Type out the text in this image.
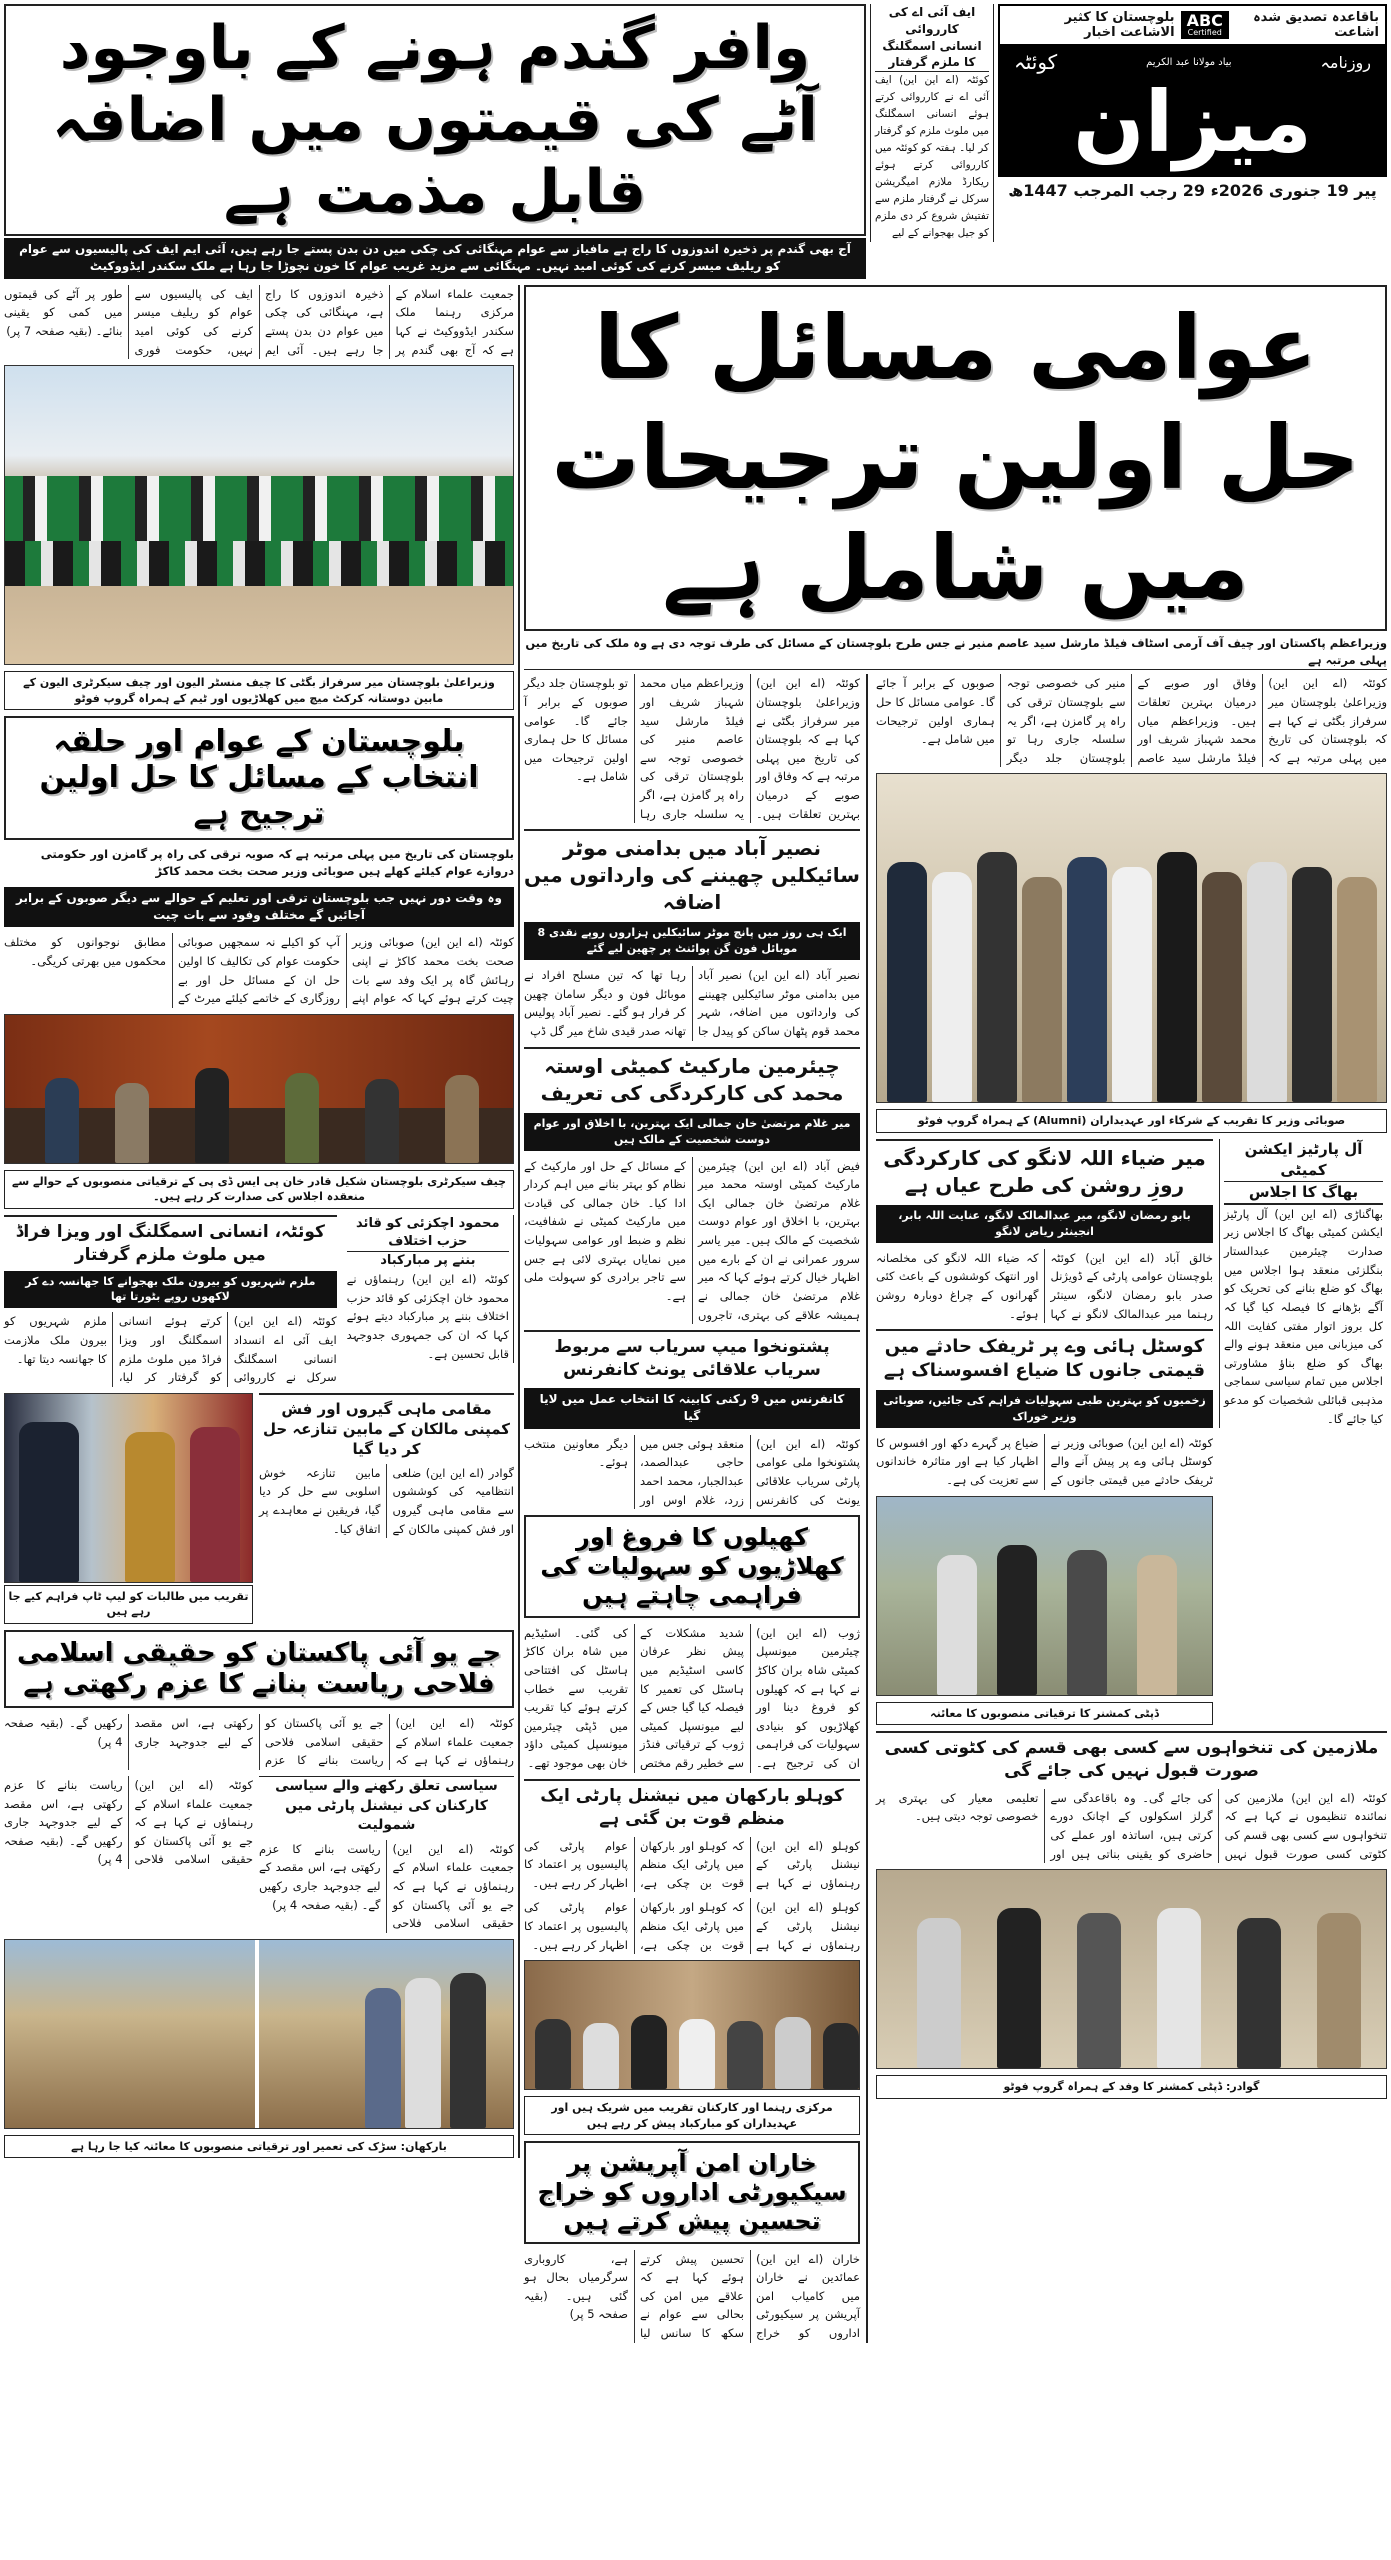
وافر گندم ہونے کے باوجود آٹے کی قیمتوں میں اضافہ قابل مذمت ہے
آج بھی گندم پر ذخیرہ اندوزوں کا راج ہے مافیاز سے عوام مہنگائی کی چکی میں دن بدن پستے جا رہے ہیں، آئی ایم ایف کی پالیسیوں سے عوام کو ریلیف میسر کرنے کی کوئی امید نہیں۔ مہنگائی سے مزید غریب عوام کا خون نچوڑا جا رہا ہے ملک سکندر ایڈووکیٹ
ایف آئی اے کی کارروائی
انسانی اسمگلنگ کا ملزم گرفتار
کوئٹہ (اے این این) ایف آئی اے نے کارروائی کرتے ہوئے انسانی اسمگلنگ میں ملوث ملزم کو گرفتار کر لیا۔ ہفتہ کو کوئٹہ میں کارروائی کرتے ہوئے ریکارڈ ملازم امیگریشن سرکل نے گرفتار ملزم سے تفتیش شروع کر دی ملزم کو جیل بھجوانے کے لیے
باقاعدہ تصدیق شدہ اشاعت
ABC
Certified
بلوچستان کا کثیر الاشاعت اخبار
روزنامہ
بیاد مولانا عبد الکریم
کوئٹہ
میزان
پیر 19 جنوری 2026ء 29 رجب المرجب 1447ھ
جمعیت علماء اسلام کے مرکزی رہنما ملک سکندر ایڈووکیٹ نے کہا ہے کہ آج بھی گندم پر ذخیرہ اندوزوں کا راج ہے، مہنگائی کی چکی میں عوام دن بدن پستے جا رہے ہیں۔ آئی ایم ایف کی پالیسیوں سے عوام کو ریلیف میسر کرنے کی کوئی امید نہیں، حکومت فوری طور پر آٹے کی قیمتوں میں کمی کو یقینی بنائے۔ (بقیہ صفحہ 7 پر)
وزیراعلیٰ بلوچستان میر سرفراز بگٹی کا چیف منسٹر الیون اور چیف سیکرٹری الیون کے مابین دوستانہ کرکٹ میچ میں کھلاڑیوں اور ٹیم کے ہمراہ گروپ فوٹو
بلوچستان کے عوام اور حلقہ انتخاب کے مسائل کا حل اولین ترجیح ہے
بلوچستان کی تاریخ میں پہلی مرتبہ ہے کہ صوبہ ترقی کی راہ پر گامزن اور حکومتی دروازے عوام کیلئے کھلے ہیں صوبائی وزیر صحت بخت محمد کاکڑ
وہ وقت دور نہیں جب بلوچستان ترقی اور تعلیم کے حوالے سے دیگر صوبوں کے برابر آجائیں گے مختلف وفود سے بات چیت
کوئٹہ (اے این این) صوبائی وزیر صحت بخت محمد کاکڑ نے اپنی رہائش گاہ پر ایک وفد سے بات چیت کرتے ہوئے کہا کہ عوام اپنے آپ کو اکیلے نہ سمجھیں صوبائی حکومت عوام کی تکالیف کا اولین حل ان کے مسائل حل اور بے روزگاری کے خاتمے کیلئے میرٹ کے مطابق نوجوانوں کو مختلف محکموں میں بھرتی کریگی۔
چیف سیکرٹری بلوچستان شکیل قادر خان پی ایس ڈی پی کے ترقیاتی منصوبوں کے حوالے سے منعقدہ اجلاس کی صدارت کر رہے ہیں۔
کوئٹہ، انسانی اسمگلنگ اور ویزا فراڈ میں ملوث ملزم گرفتار
ملزم شہریوں کو بیرون ملک بھجوانے کا جھانسہ دے کر لاکھوں روپے بٹورتا تھا
کوئٹہ (اے این این) ایف آئی اے انسداد انسانی اسمگلنگ سرکل نے کارروائی کرتے ہوئے انسانی اسمگلنگ اور ویزا فراڈ میں ملوث ملزم کو گرفتار کر لیا، ملزم شہریوں کو بیرون ملک ملازمت کا جھانسہ دیتا تھا۔
محمود اچکزئی کو قائد حزب اختلاف
بننے پر مبارکباد
کوئٹہ (اے این این) رہنماؤں نے محمود خان اچکزئی کو قائد حزب اختلاف بننے پر مبارکباد دیتے ہوئے کہا کہ ان کی جمہوری جدوجہد قابل تحسین ہے۔
تقریب میں طالبات کو لیپ ٹاپ فراہم کیے جا رہے ہیں
مقامی ماہی گیروں اور فش کمپنی مالکان کے مابین تنازعہ حل کر دیا گیا
گوادر (اے این این) ضلعی انتظامیہ کی کوششوں سے مقامی ماہی گیروں اور فش کمپنی مالکان کے مابین تنازعہ خوش اسلوبی سے حل کر دیا گیا، فریقین نے معاہدے پر اتفاق کیا۔
جے یو آئی پاکستان کو حقیقی اسلامی فلاحی ریاست بنانے کا عزم رکھتی ہے
کوئٹہ (اے این این) جمعیت علماء اسلام کے رہنماؤں نے کہا ہے کہ جے یو آئی پاکستان کو حقیقی اسلامی فلاحی ریاست بنانے کا عزم رکھتی ہے، اس مقصد کے لیے جدوجہد جاری رکھیں گے۔ (بقیہ صفحہ 4 پر)
کوئٹہ (اے این این) جمعیت علماء اسلام کے رہنماؤں نے کہا ہے کہ جے یو آئی پاکستان کو حقیقی اسلامی فلاحی ریاست بنانے کا عزم رکھتی ہے، اس مقصد کے لیے جدوجہد جاری رکھیں گے۔ (بقیہ صفحہ 4 پر)
سیاسی تعلق رکھنے والے سیاسی کارکنان کی نیشنل پارٹی میں شمولیت
کوئٹہ (اے این این) جمعیت علماء اسلام کے رہنماؤں نے کہا ہے کہ جے یو آئی پاکستان کو حقیقی اسلامی فلاحی ریاست بنانے کا عزم رکھتی ہے، اس مقصد کے لیے جدوجہد جاری رکھیں گے۔ (بقیہ صفحہ 4 پر)
بارکھان: سڑک کی تعمیر اور ترقیاتی منصوبوں کا معائنہ کیا جا رہا ہے
عوامی مسائل کا حل اولین ترجیحات میں شامل ہے
وزیراعظم پاکستان اور چیف آف آرمی اسٹاف فیلڈ مارشل سید عاصم منیر نے جس طرح بلوچستان کے مسائل کی طرف توجہ دی ہے وہ ملک کی تاریخ میں پہلی مرتبہ ہے
کوئٹہ (اے این این) وزیراعلیٰ بلوچستان میر سرفراز بگٹی نے کہا ہے کہ بلوچستان کی تاریخ میں پہلی مرتبہ ہے کہ وفاق اور صوبے کے درمیان بہترین تعلقات ہیں۔ وزیراعظم میاں محمد شہباز شریف اور فیلڈ مارشل سید عاصم منیر کی خصوصی توجہ سے بلوچستان ترقی کی راہ پر گامزن ہے، اگر یہ سلسلہ جاری رہا تو بلوچستان جلد دیگر صوبوں کے برابر آ جائے گا۔ عوامی مسائل کا حل ہماری اولین ترجیحات میں شامل ہے۔
نصیر آباد میں بدامنی موٹر سائیکلیں چھیننے کی وارداتوں میں اضافہ
ایک ہی روز میں پانچ موٹر سائیکلیں ہزاروں روپے نقدی 8 موبائل فون گن پوائنٹ پر چھین لیے گئے
نصیر آباد (اے این این) نصیر آباد میں بدامنی موٹر سائیکلیں چھیننے کی وارداتوں میں اضافہ، شہر محمد قوم پٹھان ساکن کو پیدل جا رہا تھا کہ تین مسلح افراد نے موبائل فون و دیگر سامان چھین کر فرار ہو گئے۔ نصیر آباد پولیس تھانہ صدر قیدی شاخ میر گل ڈپ
چیئرمین مارکیٹ کمیٹی اوستہ محمد کی کارکردگی کی تعریف
میر غلام مرتضیٰ خان جمالی ایک بہترین، با اخلاق اور عوام دوست شخصیت کے مالک ہیں
فیض آباد (اے این این) چیئرمین مارکیٹ کمیٹی اوستہ محمد میر غلام مرتضیٰ خان جمالی ایک بہترین، با اخلاق اور عوام دوست شخصیت کے مالک ہیں۔ میر یاسر سرور عمرانی نے ان کے بارے میں اظہار خیال کرتے ہوئے کہا کہ میر غلام مرتضیٰ خان جمالی نے ہمیشہ علاقے کی بہتری، تاجروں کے مسائل کے حل اور مارکیٹ کے نظام کو بہتر بنانے میں اہم کردار ادا کیا۔ خان جمالی کی قیادت میں مارکیٹ کمیٹی نے شفافیت، نظم و ضبط اور عوامی سہولیات میں نمایاں بہتری لائی ہے جس سے تاجر برادری کو سہولت ملی ہے۔
پشتونخوا میپ سریاب سے مربوط سریاب علاقائی یونٹ کانفرنس
کانفرنس میں 9 رکنی کابینہ کا انتخاب عمل میں لایا گیا
کوئٹہ (اے این این) پشتونخوا ملی عوامی پارٹی سریاب علاقائی یونٹ کی کانفرنس منعقد ہوئی جس میں حاجی عبدالصمد، عبدالجبار، محمد احمد زرد، غلام اوس اور دیگر معاونین منتخب ہوئے۔
کھیلوں کا فروغ اور کھلاڑیوں کو سہولیات کی فراہمی چاہتے ہیں
ژوب (اے این این) چیئرمین میونسپل کمیٹی شاہ بران کاکڑ نے کہا ہے کہ کھیلوں کو فروغ دینا اور کھلاڑیوں کو بنیادی سہولیات کی فراہمی ان کی ترجیح ہے۔ شدید مشکلات کے پیش نظر عرفان کاسی اسٹیڈیم میں ہاسٹل کی تعمیر کا فیصلہ کیا گیا جس کے لیے میونسپل کمیٹی ژوب کے ترقیاتی فنڈز سے خطیر رقم مختص کی گئی۔ اسٹیڈیم میں شاہ بران کاکڑ ہاسٹل کی افتتاحی تقریب سے خطاب کرتے ہوئے کیا تقریب میں ڈپٹی چیئرمین میونسپل کمیٹی داؤد خان بھی موجود تھے۔
کوہلو بارکھان میں نیشنل پارٹی ایک منظم قوت بن گئی ہے
کوہلو (اے این این) نیشنل پارٹی کے رہنماؤں نے کہا ہے کہ کوہلو اور بارکھان میں پارٹی ایک منظم قوت بن چکی ہے، عوام پارٹی کی پالیسیوں پر اعتماد کا اظہار کر رہے ہیں۔
کوہلو (اے این این) نیشنل پارٹی کے رہنماؤں نے کہا ہے کہ کوہلو اور بارکھان میں پارٹی ایک منظم قوت بن چکی ہے، عوام پارٹی کی پالیسیوں پر اعتماد کا اظہار کر رہے ہیں۔
مرکزی رہنما اور کارکنان تقریب میں شریک ہیں اور عہدیداران کو مبارکباد پیش کر رہے ہیں
خاران امن آپریشن پر سیکیورٹی اداروں کو خراج تحسین پیش کرتے ہیں
خاران (اے این این) عمائدین نے خاران میں کامیاب امن آپریشن پر سیکیورٹی اداروں کو خراج تحسین پیش کرتے ہوئے کہا ہے کہ علاقے میں امن کی بحالی سے عوام نے سکھ کا سانس لیا ہے، کاروباری سرگرمیاں بحال ہو گئی ہیں۔ (بقیہ صفحہ 5 پر)
کوئٹہ (اے این این) وزیراعلیٰ بلوچستان میر سرفراز بگٹی نے کہا ہے کہ بلوچستان کی تاریخ میں پہلی مرتبہ ہے کہ وفاق اور صوبے کے درمیان بہترین تعلقات ہیں۔ وزیراعظم میاں محمد شہباز شریف اور فیلڈ مارشل سید عاصم منیر کی خصوصی توجہ سے بلوچستان ترقی کی راہ پر گامزن ہے، اگر یہ سلسلہ جاری رہا تو بلوچستان جلد دیگر صوبوں کے برابر آ جائے گا۔ عوامی مسائل کا حل ہماری اولین ترجیحات میں شامل ہے۔
صوبائی وزیر کا تقریب کے شرکاء اور عہدیداران (Alumni) کے ہمراہ گروپ فوٹو
میر ضیاء اللہ لانگو کی کارکردگی روزِ روشن کی طرح عیاں ہے
بابو رمضان لانگو، میر عبدالمالک لانگو، عنایت اللہ بابر، انجینئر ریاض لانگو
خالق آباد (اے این این) کوئٹہ بلوچستان عوامی پارٹی کے ڈویژنل صدر بابو رمضان لانگو، سینئر رہنما میر عبدالمالک لانگو نے کہا کہ ضیاء اللہ لانگو کی مخلصانہ اور انتھک کوششوں کے باعث کئی گھرانوں کے چراغ دوبارہ روشن ہوئے۔
کوسٹل ہائی وے پر ٹریفک حادثے میں قیمتی جانوں کا ضیاع افسوسناک ہے
زخمیوں کو بہترین طبی سہولیات فراہم کی جائیں، صوبائی وزیر خوراک
کوئٹہ (اے این این) صوبائی وزیر نے کوسٹل ہائی وے پر پیش آنے والے ٹریفک حادثے میں قیمتی جانوں کے ضیاع پر گہرے دکھ اور افسوس کا اظہار کیا ہے اور متاثرہ خاندانوں سے تعزیت کی ہے۔
ڈپٹی کمشنر کا ترقیاتی منصوبوں کا معائنہ
آل پارٹیز ایکشن کمیٹی
بھاگ کا اجلاس
بھاگناڑی (اے این این) آل پارٹیز ایکشن کمیٹی بھاگ کا اجلاس زیر صدارت چیئرمین عبدالستار بنگلزئی منعقد ہوا اجلاس میں بھاگ کو ضلع بنانے کی تحریک کو آگے بڑھانے کا فیصلہ کیا گیا کہ کل بروز اتوار مفتی کفایت اللہ کی میزبانی میں منعقد ہونے والے بھاگ کو ضلع بناؤ مشاورتی اجلاس میں تمام سیاسی سماجی مذہبی قبائلی شخصیات کو مدعو کیا جائے گا۔
ملازمین کی تنخواہوں سے کسی بھی قسم کی کٹوتی کسی صورت قبول نہیں کی جائے گی
کوئٹہ (اے این این) ملازمین کی نمائندہ تنظیموں نے کہا ہے کہ تنخواہوں سے کسی بھی قسم کی کٹوتی کسی صورت قبول نہیں کی جائے گی۔ وہ باقاعدگی سے گرلز اسکولوں کے اچانک دورے کرتی ہیں، اساتذہ اور عملے کی حاضری کو یقینی بناتی ہیں اور تعلیمی معیار کی بہتری پر خصوصی توجہ دیتی ہیں۔
گوادر: ڈپٹی کمشنر کا وفد کے ہمراہ گروپ فوٹو
